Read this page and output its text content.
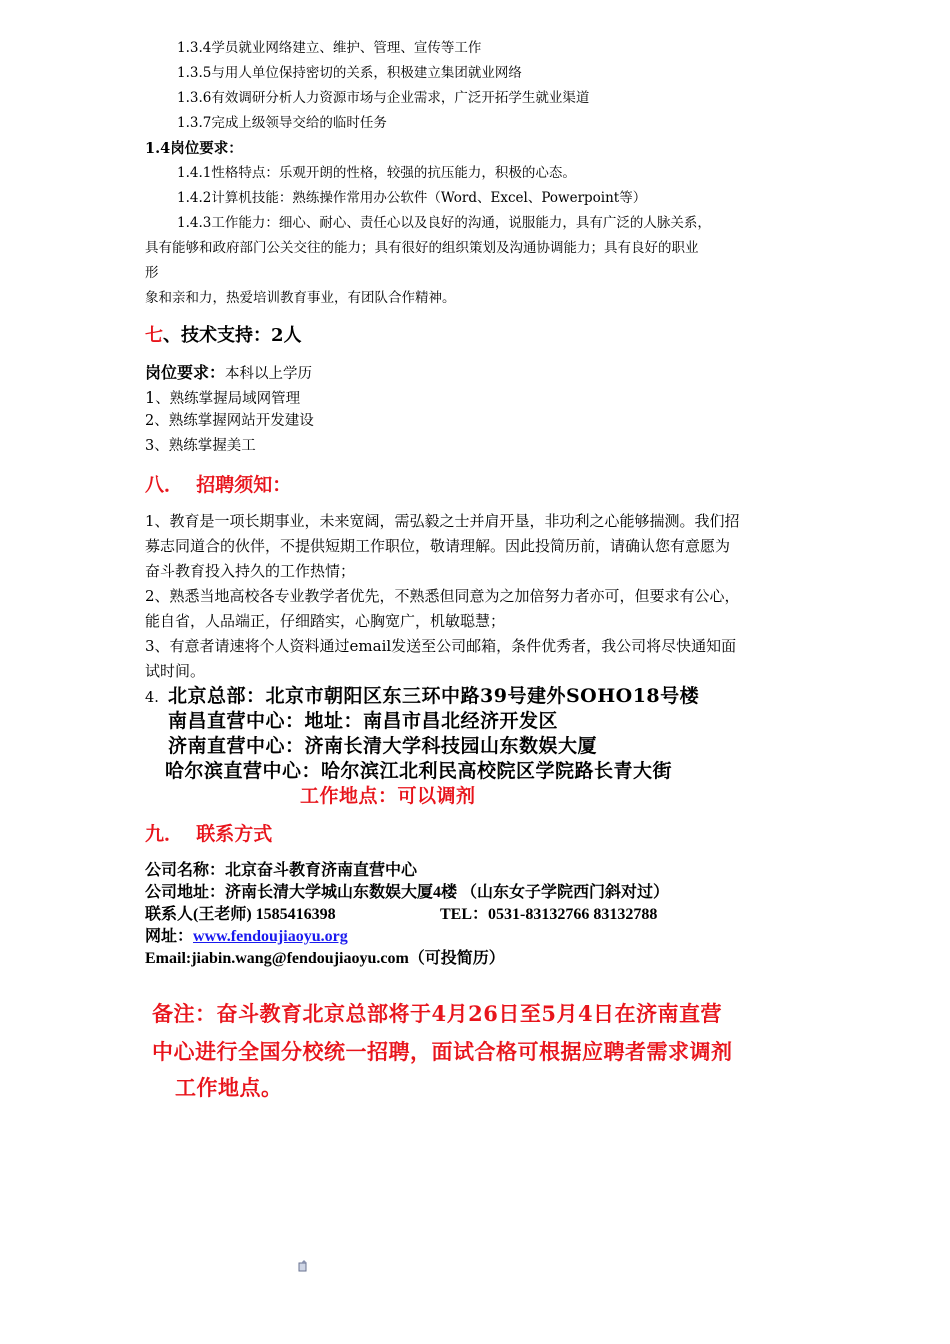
1.3.4学员就业网络建立、维护、管理、宣传等工作
1.3.5与用人单位保持密切的关系，积极建立集团就业网络
1.3.6有效调研分析人力资源市场与企业需求，广泛开拓学生就业渠道
1.3.7完成上级领导交给的临时任务
1.4岗位要求：
1.4.1性格特点：乐观开朗的性格，较强的抗压能力，积极的心态。
1.4.2计算机技能：熟练操作常用办公软件（Word、Excel、Powerpoint等）
1.4.3工作能力：细心、耐心、责任心以及良好的沟通，说服能力，具有广泛的人脉关系，
具有能够和政府部门公关交往的能力；具有很好的组织策划及沟通协调能力；具有良好的职业
形
象和亲和力，热爱培训教育事业，有团队合作精神。
七、技术支持：2人
岗位要求：本科以上学历
1、熟练掌握局域网管理
2、熟练掌握网站开发建设
3、熟练掌握美工
八．  招聘须知：
1、教育是一项长期事业，未来宽阔，需弘毅之士并肩开垦，非功利之心能够揣测。我们招
募志同道合的伙伴，不提供短期工作职位，敬请理解。因此投简历前，请确认您有意愿为
奋斗教育投入持久的工作热情；
2、熟悉当地高校各专业教学者优先，不熟悉但同意为之加倍努力者亦可，但要求有公心，
能自省，人品端正，仔细踏实，心胸宽广，机敏聪慧；
3、有意者请速将个人资料通过email发送至公司邮箱，条件优秀者，我公司将尽快通知面
试时间。
4. 北京总部：北京市朝阳区东三环中路39号建外SOHO18号楼
南昌直营中心：地址：南昌市昌北经济开发区
济南直营中心：济南长清大学科技园山东数娱大厦
哈尔滨直营中心：哈尔滨江北利民高校院区学院路长青大街
工作地点：可以调剂
九．  联系方式
公司名称：北京奋斗教育济南直营中心
公司地址：济南长清大学城山东数娱大厦4楼 （山东女子学院西门斜对过）
联系人(王老师) 1585416398	TEL：0531-83132766 83132788
网址：www.fendoujiaoyu.org
Email:jiabin.wang@fendoujiaoyu.com（可投简历）
备注：奋斗教育北京总部将于4月26日至5月4日在济南直营
中心进行全国分校统一招聘，面试合格可根据应聘者需求调剂
工作地点。
